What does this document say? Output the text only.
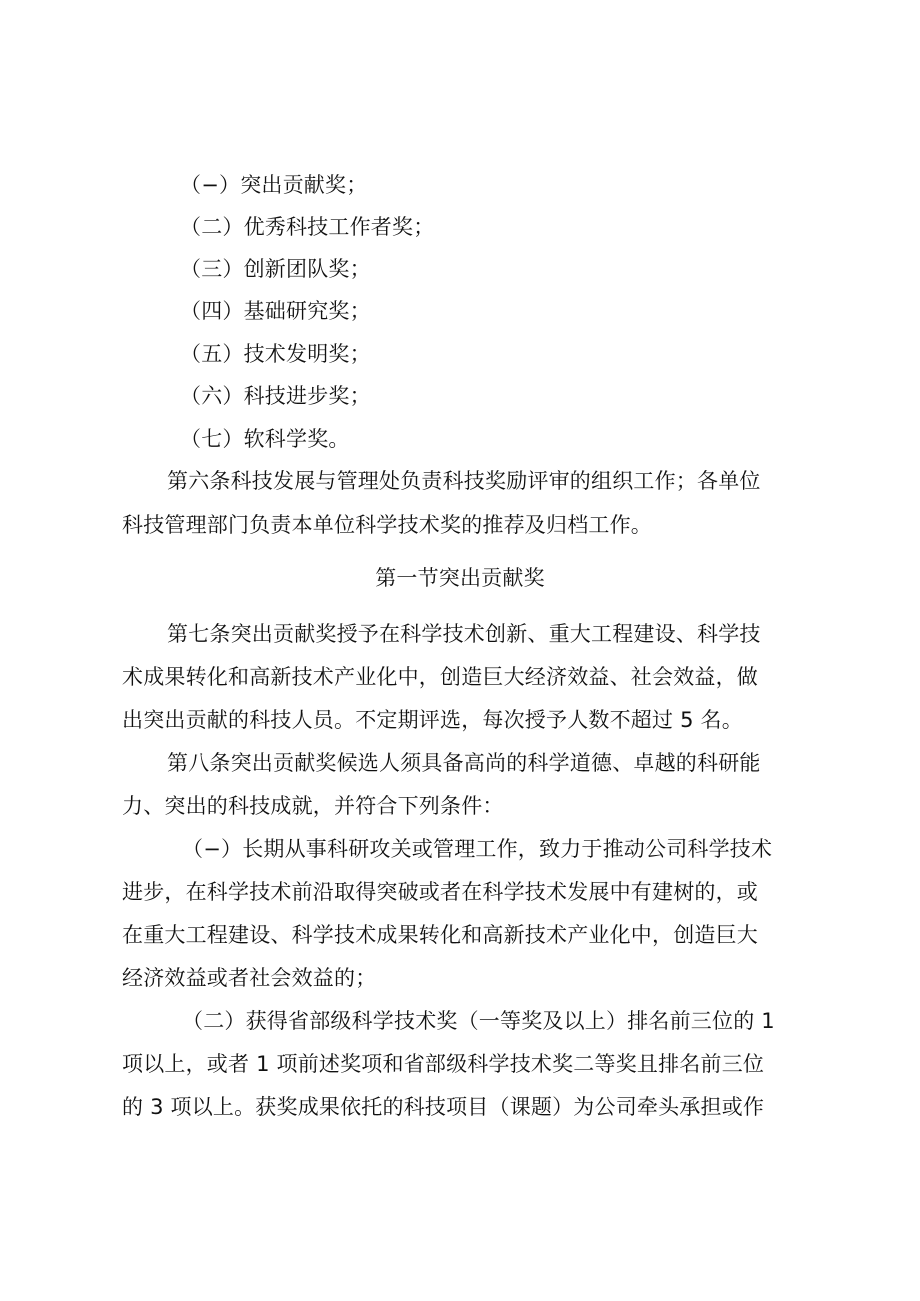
（−）突出贡献奖；
（二）优秀科技工作者奖；
（三）创新团队奖；
（四）基础研究奖；
（五）技术发明奖；
（六）科技进步奖；
（七）软科学奖。
第六条科技发展与管理处负责科技奖励评审的组织工作；各单位
科技管理部门负责本单位科学技术奖的推荐及归档工作。
第一节突出贡献奖
第七条突出贡献奖授予在科学技术创新、重大工程建设、科学技
术成果转化和高新技术产业化中，创造巨大经济效益、社会效益，做
出突出贡献的科技人员。不定期评选，每次授予人数不超过 5 名。
第八条突出贡献奖候选人须具备高尚的科学道德、卓越的科研能
力、突出的科技成就，并符合下列条件：
（−）长期从事科研攻关或管理工作，致力于推动公司科学技术
进步，在科学技术前沿取得突破或者在科学技术发展中有建树的，或
在重大工程建设、科学技术成果转化和高新技术产业化中，创造巨大
经济效益或者社会效益的；
（二）获得省部级科学技术奖（一等奖及以上）排名前三位的 1
项以上，或者 1 项前述奖项和省部级科学技术奖二等奖且排名前三位
的 3 项以上。获奖成果依托的科技项目（课题）为公司牵头承担或作
